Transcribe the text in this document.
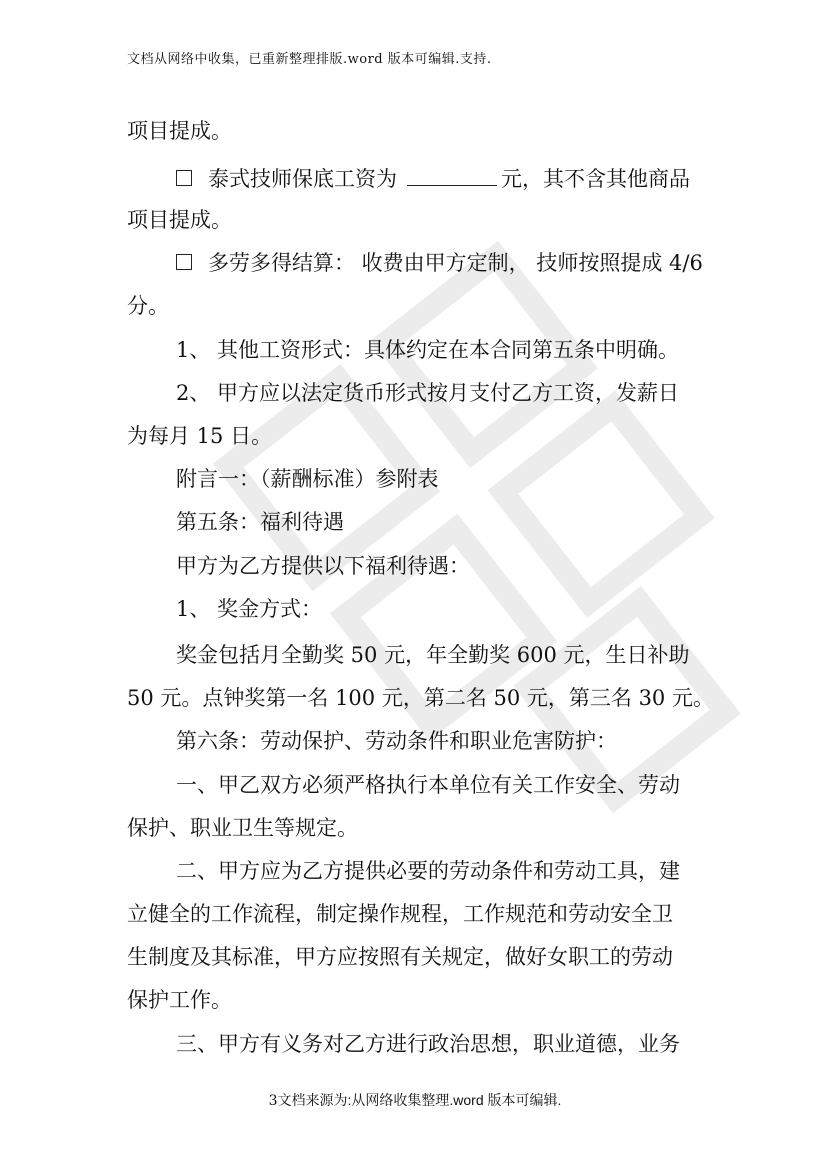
文档从网络中收集，已重新整理排版.word 版本可编辑.支持.
项目提成。
泰式技师保底工资为	元，其不含其他商品
项目提成。
多劳多得结算： 收费由甲方定制， 技师按照提成 4/6
分。
1、 其他工资形式：具体约定在本合同第五条中明确。
2、 甲方应以法定货币形式按月支付乙方工资，发薪日
为每月 15 日。
附言一：（薪酬标准）参附表
第五条：福利待遇
甲方为乙方提供以下福利待遇：
1、 奖金方式：
奖金包括月全勤奖 50 元，年全勤奖 600 元，生日补助
50 元。点钟奖第一名 100 元，第二名 50 元，第三名 30 元。
第六条：劳动保护、劳动条件和职业危害防护：
一、甲乙双方必须严格执行本单位有关工作安全、劳动
保护、职业卫生等规定。
二、甲方应为乙方提供必要的劳动条件和劳动工具，建
立健全的工作流程，制定操作规程，工作规范和劳动安全卫
生制度及其标准，甲方应按照有关规定，做好女职工的劳动
保护工作。
三、甲方有义务对乙方进行政治思想，职业道德，业务
3文档来源为:从网络收集整理.word 版本可编辑.
